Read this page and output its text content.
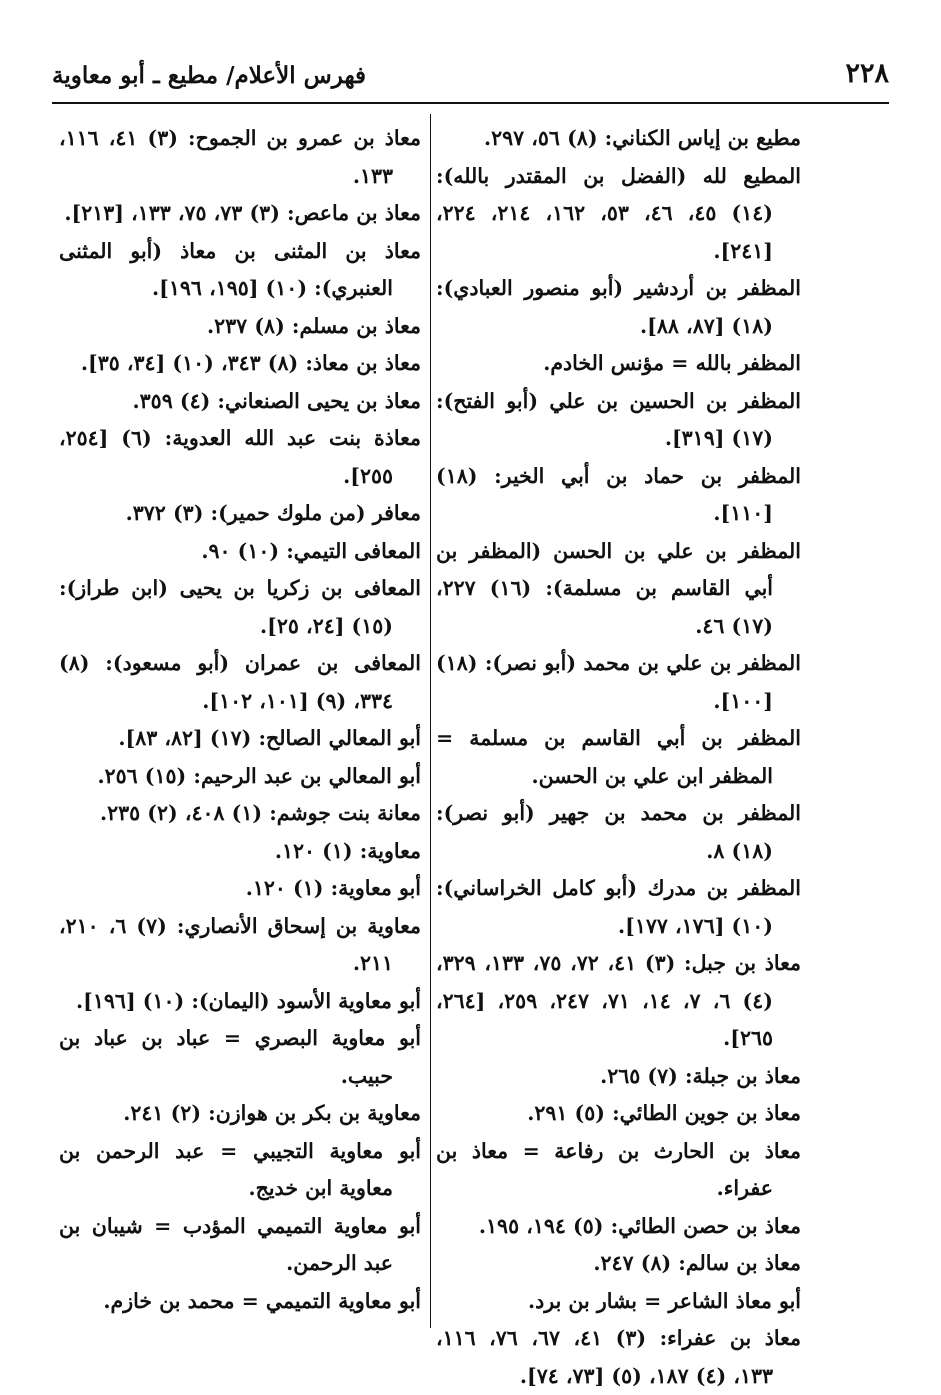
٢٢٨
فهرس الأعلام/ مطيع ـ أبو معاوية

مطيع بن إياس الكناني: (٨) ٥٦، ٢٩٧.

المطيع لله (الفضل بن المقتدر بالله): (١٤) ٤٥، ٤٦، ٥٣، ١٦٢، ٢١٤، ٢٢٤، [٢٤١].

المظفر بن أردشير (أبو منصور العبادي): (١٨) [٨٧، ٨٨].

المظفر بالله = مؤنس الخادم.

المظفر بن الحسين بن علي (أبو الفتح): (١٧) [٣١٩].

المظفر بن حماد بن أبي الخير: (١٨) [١١٠].

المظفر بن علي بن الحسن (المظفر بن أبي القاسم بن مسلمة): (١٦) ٢٢٧، (١٧) ٤٦.

المظفر بن علي بن محمد (أبو نصر): (١٨) [١٠٠].

المظفر بن أبي القاسم بن مسلمة = المظفر ابن علي بن الحسن.

المظفر بن محمد بن جهير (أبو نصر): (١٨) ٨.

المظفر بن مدرك (أبو كامل الخراساني): (١٠) [١٧٦، ١٧٧].

معاذ بن جبل: (٣) ٤١، ٧٢، ٧٥، ١٣٣، ٣٢٩، (٤) ٦، ٧، ١٤، ٧١، ٢٤٧، ٢٥٩، [٢٦٤، ٢٦٥].

معاذ بن جبلة: (٧) ٢٦٥.

معاذ بن جوين الطائي: (٥) ٢٩١.

معاذ بن الحارث بن رفاعة = معاذ بن عفراء.

معاذ بن حصن الطائي: (٥) ١٩٤، ١٩٥.

معاذ بن سالم: (٨) ٢٤٧.

أبو معاذ الشاعر = بشار بن برد.

معاذ بن عفراء: (٣) ٤١، ٦٧، ٧٦، ١١٦، ١٣٣، (٤) ١٨٧، (٥) [٧٣، ٧٤].

معاذ بن عمرو بن الجموح: (٣) ٤١، ١١٦، ١٣٣.

معاذ بن ماعص: (٣) ٧٣، ٧٥، ١٣٣، [٢١٣].

معاذ بن المثنى بن معاذ (أبو المثنى العنبري): (١٠) [١٩٥، ١٩٦].

معاذ بن مسلم: (٨) ٢٣٧.

معاذ بن معاذ: (٨) ٣٤٣، (١٠) [٣٤، ٣٥].

معاذ بن يحيى الصنعاني: (٤) ٣٥٩.

معاذة بنت عبد الله العدوية: (٦) [٢٥٤، ٢٥٥].

معافر (من ملوك حمير): (٣) ٣٧٢.

المعافى التيمي: (١٠) ٩٠.

المعافى بن زكريا بن يحيى (ابن طراز): (١٥) [٢٤، ٢٥].

المعافى بن عمران (أبو مسعود): (٨) ٣٣٤، (٩) [١٠١، ١٠٢].

أبو المعالي الصالح: (١٧) [٨٢، ٨٣].

أبو المعالي بن عبد الرحيم: (١٥) ٢٥٦.

معانة بنت جوشم: (١) ٤٠٨، (٢) ٢٣٥.

معاوية: (١) ١٢٠.

أبو معاوية: (١) ١٢٠.

معاوية بن إسحاق الأنصاري: (٧) ٦، ٢١٠، ٢١١.

أبو معاوية الأسود (اليمان): (١٠) [١٩٦].

أبو معاوية البصري = عباد بن عباد بن حبيب.

معاوية بن بكر بن هوازن: (٢) ٢٤١.

أبو معاوية التجيبي = عبد الرحمن بن معاوية ابن خديج.

أبو معاوية التميمي المؤدب = شيبان بن عبد الرحمن.

أبو معاوية التميمي = محمد بن خازم.
